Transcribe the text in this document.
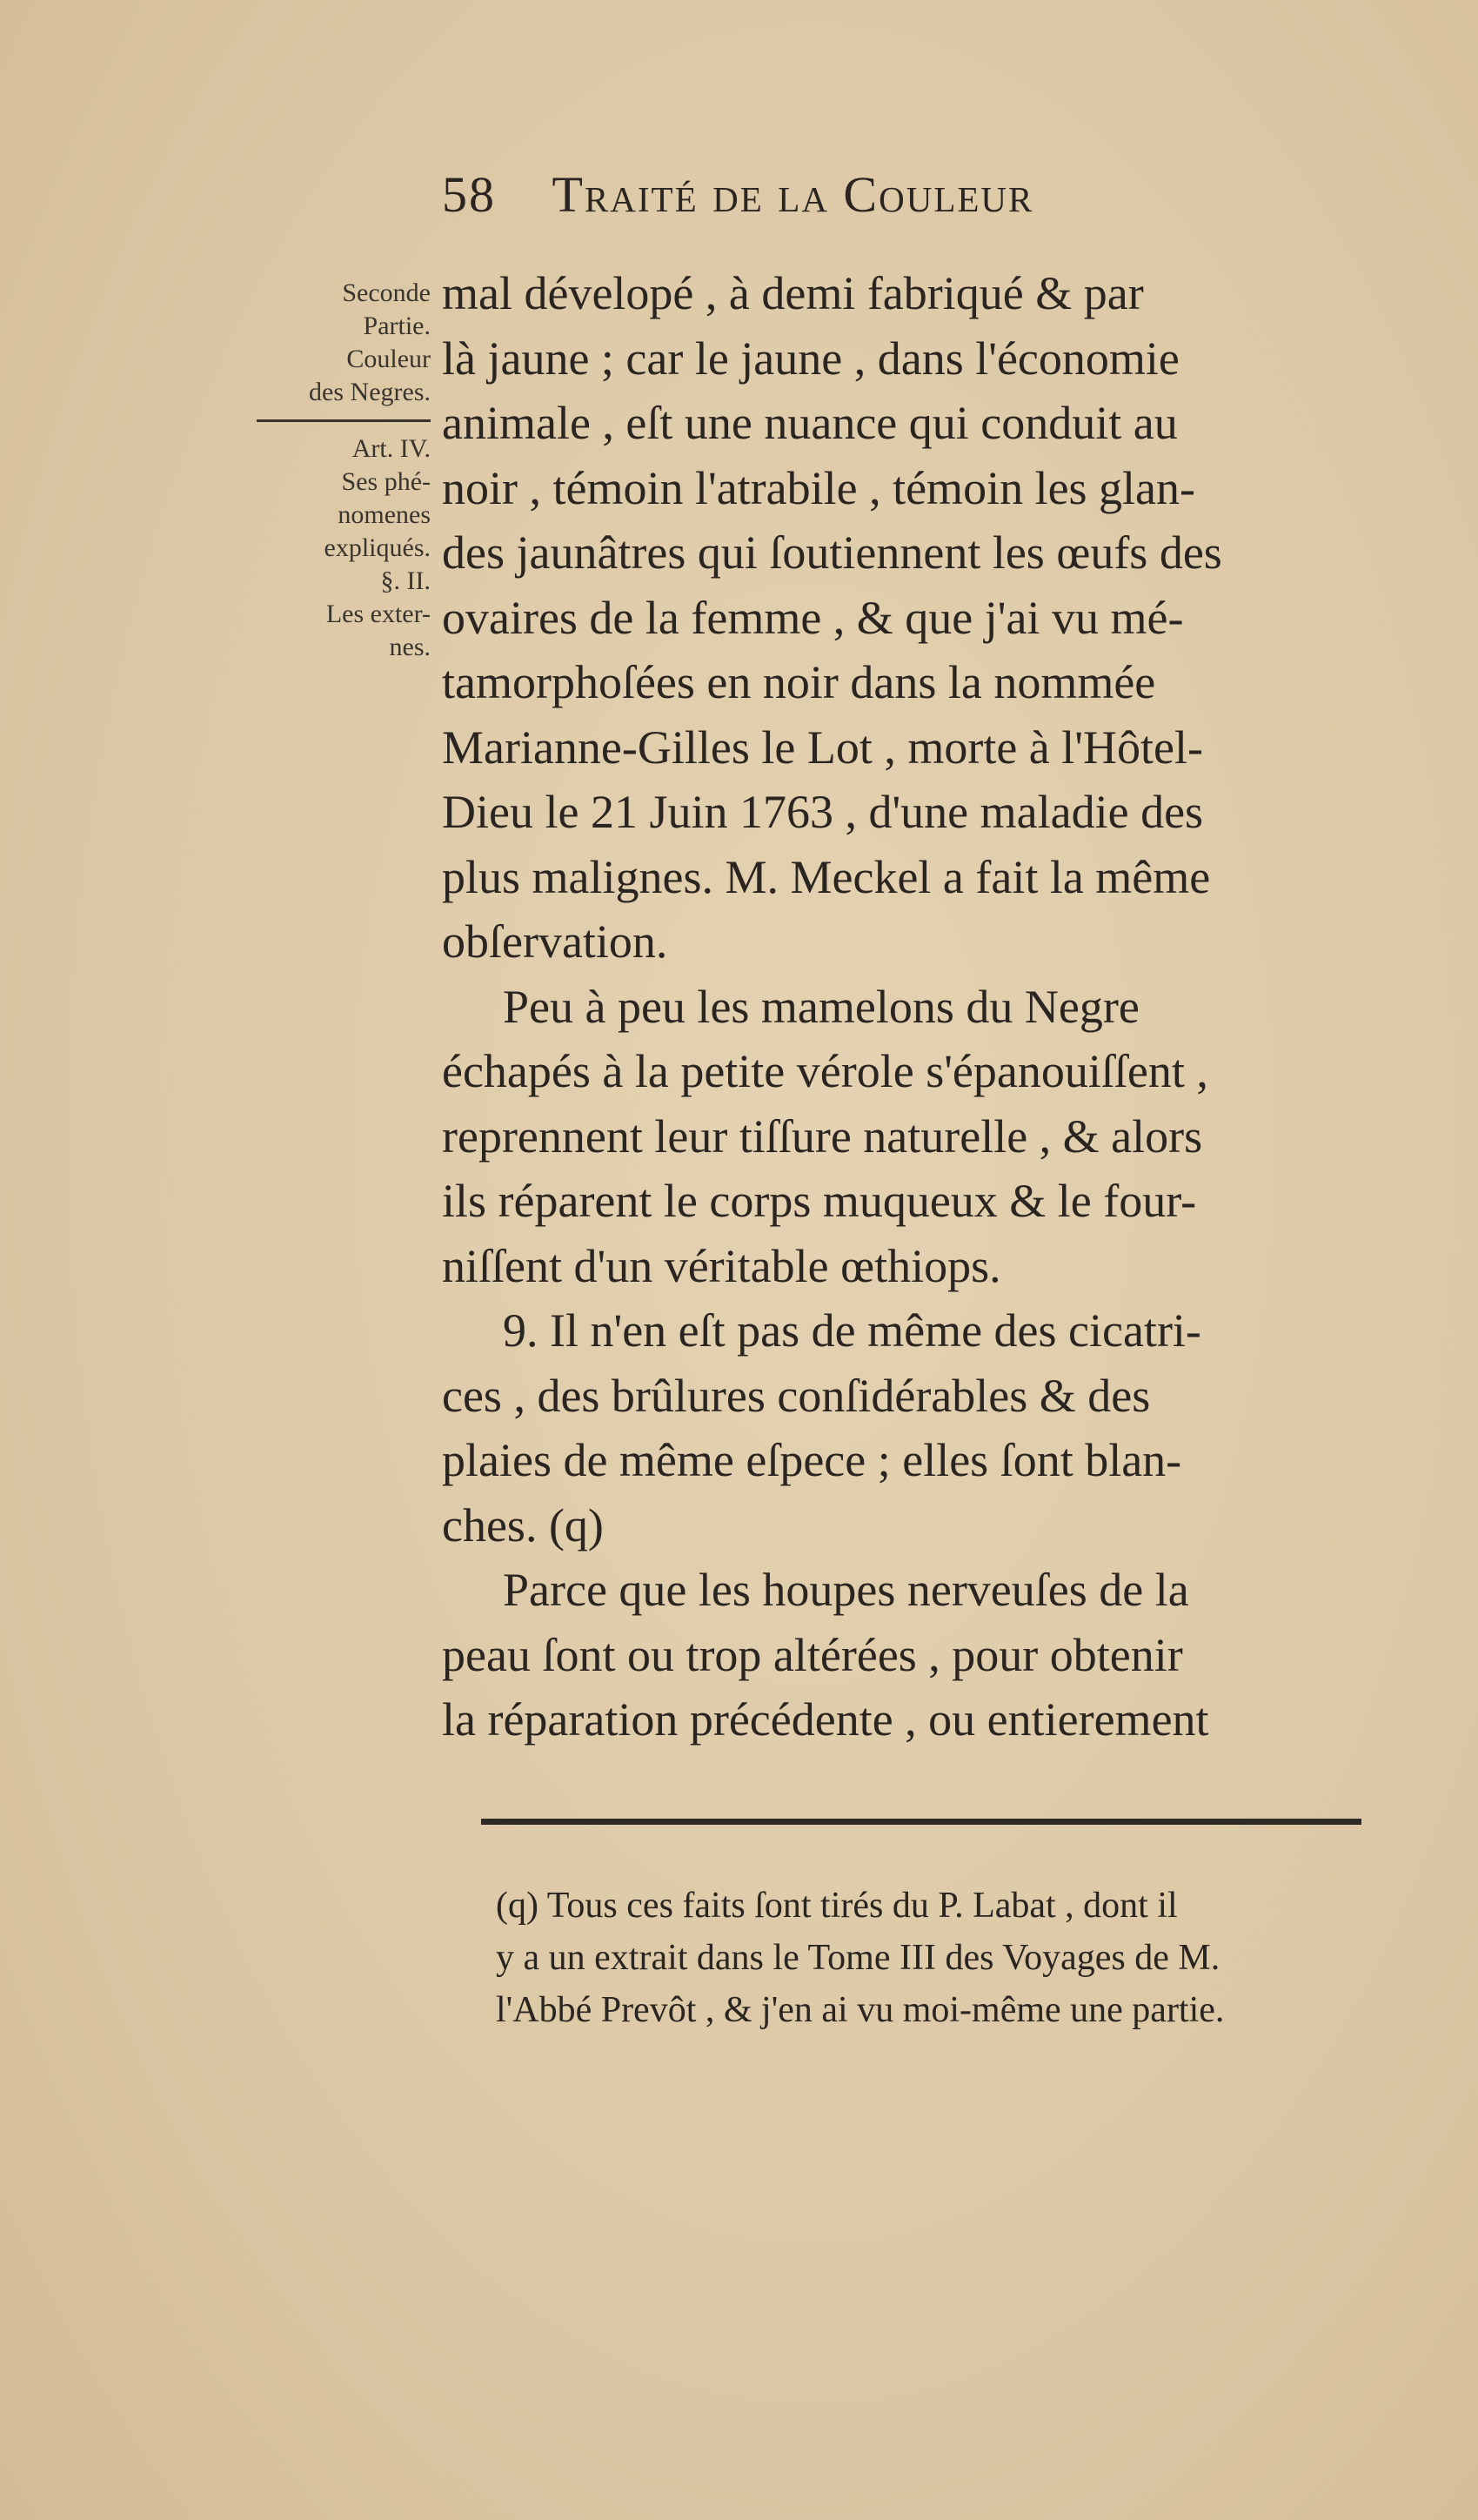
58 Traité de la Couleur
Seconde
Partie.
Couleur
des Negres.
Art. IV.
Ses phé-
nomenes
expliqués.
§. II.
Les exter-
nes.

mal dévelopé , à demi fabriqué & par
là jaune ; car le jaune , dans l'économie
animale , eſt une nuance qui conduit au
noir , témoin l'atrabile , témoin les glan-
des jaunâtres qui ſoutiennent les œufs des
ovaires de la femme , & que j'ai vu mé-
tamorphoſées en noir dans la nommée
Marianne-Gilles le Lot , morte à l'Hôtel-
Dieu le 21 Juin 1763 , d'une maladie des
plus malignes. M. Meckel a fait la même
obſervation.

Peu à peu les mamelons du Negre
échapés à la petite vérole s'épanouiſſent ,
reprennent leur tiſſure naturelle , & alors
ils réparent le corps muqueux & le four-
niſſent d'un véritable œthiops.

9. Il n'en eſt pas de même des cicatri-
ces , des brûlures conſidérables & des
plaies de même eſpece ; elles ſont blan-
ches. (q)

Parce que les houpes nerveuſes de la
peau ſont ou trop altérées , pour obtenir
la réparation précédente , ou entierement

(q) Tous ces faits ſont tirés du P. Labat , dont il
y a un extrait dans le Tome III des Voyages de M.
l'Abbé Prevôt , & j'en ai vu moi-même une partie.
